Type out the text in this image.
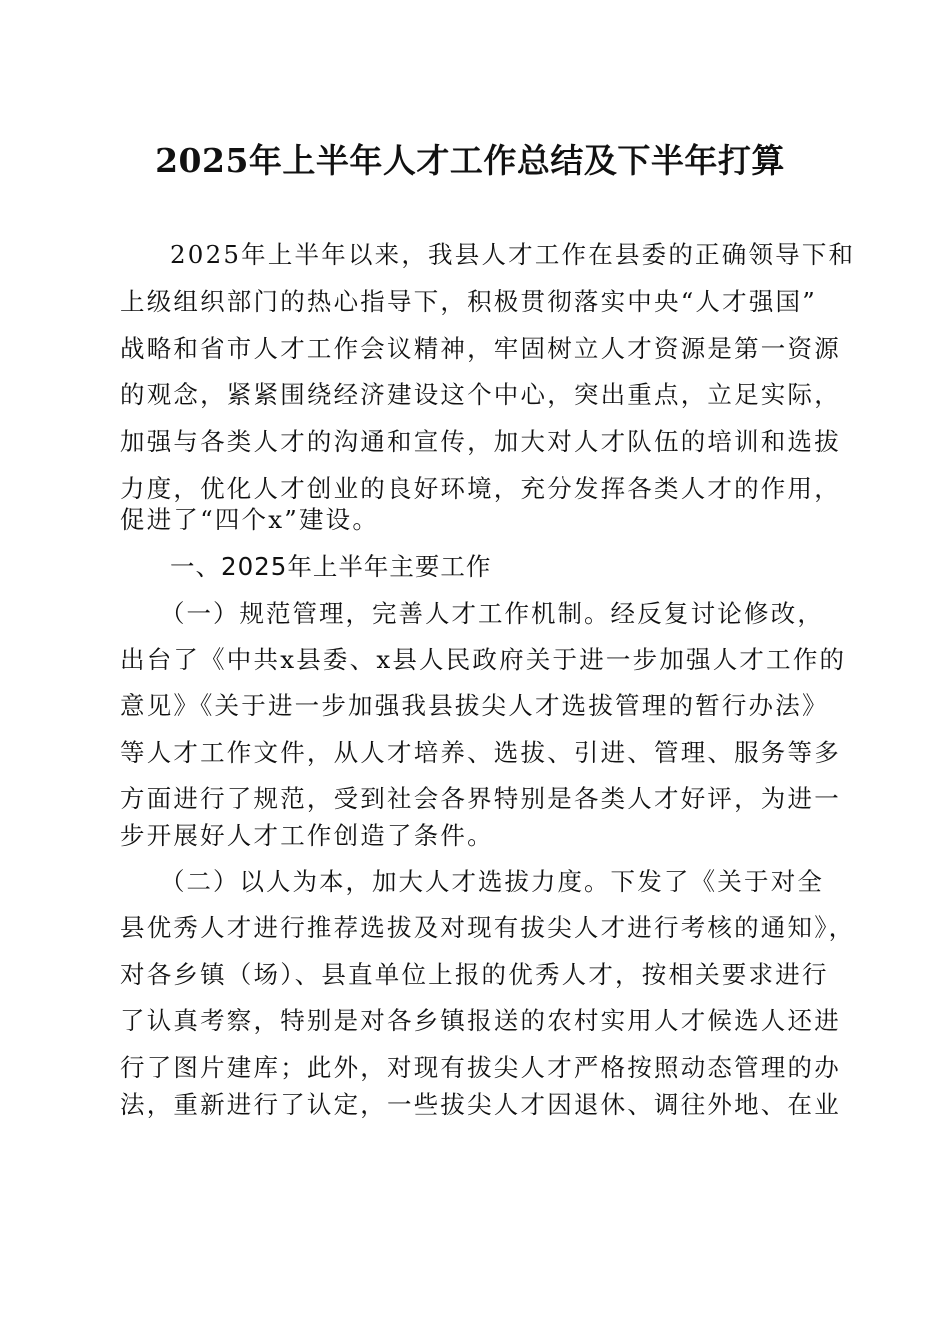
2025年上半年人才工作总结及下半年打算
2025年上半年以来，我县人才工作在县委的正确领导下和
上级组织部门的热心指导下，积极贯彻落实中央“人才强国”
战略和省市人才工作会议精神，牢固树立人才资源是第一资源
的观念，紧紧围绕经济建设这个中心，突出重点，立足实际，
加强与各类人才的沟通和宣传，加大对人才队伍的培训和选拔
力度，优化人才创业的良好环境，充分发挥各类人才的作用，
促进了“四个x”建设。
一、2025年上半年主要工作
（一）规范管理，完善人才工作机制。经反复讨论修改，
出台了《中共x县委、x县人民政府关于进一步加强人才工作的
意见》《关于进一步加强我县拔尖人才选拔管理的暂行办法》
等人才工作文件，从人才培养、选拔、引进、管理、服务等多
方面进行了规范，受到社会各界特别是各类人才好评，为进一
步开展好人才工作创造了条件。
（二）以人为本，加大人才选拔力度。下发了《关于对全
县优秀人才进行推荐选拔及对现有拔尖人才进行考核的通知》，
对各乡镇（场）、县直单位上报的优秀人才，按相关要求进行
了认真考察，特别是对各乡镇报送的农村实用人才候选人还进
行了图片建库；此外，对现有拔尖人才严格按照动态管理的办
法，重新进行了认定，一些拔尖人才因退休、调往外地、在业
